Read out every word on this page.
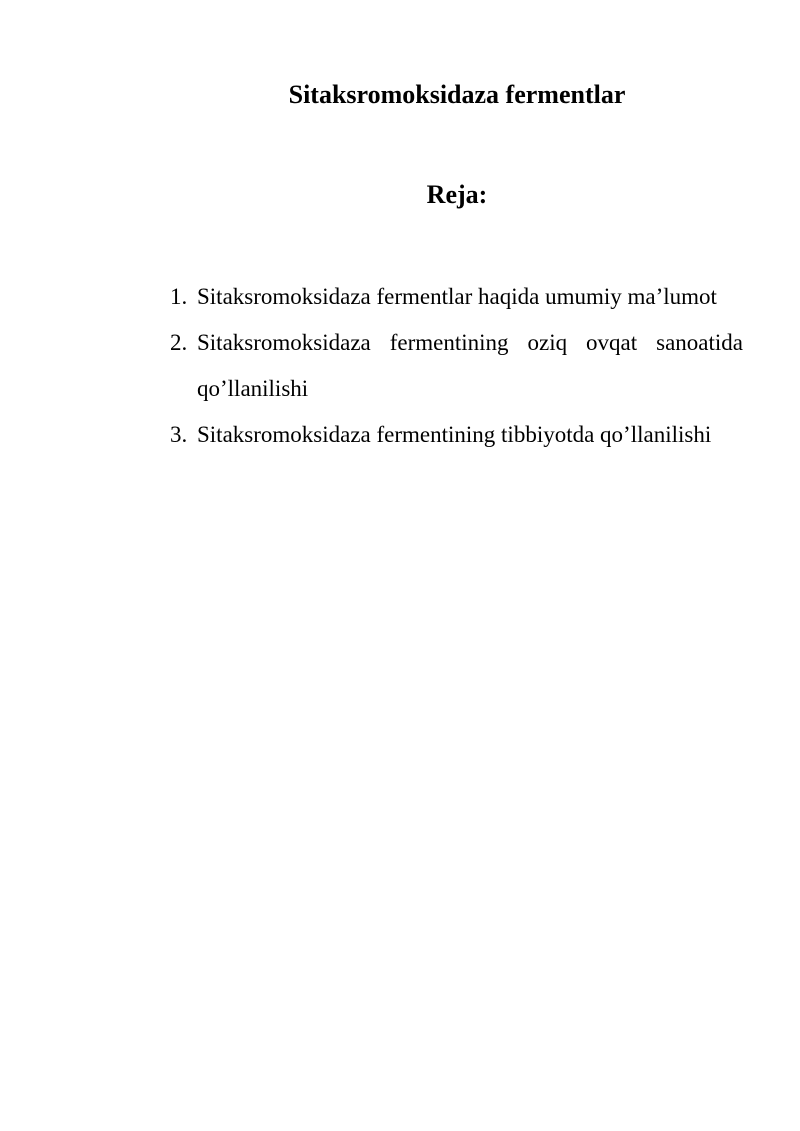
Sitaksromoksidaza fermentlar
Reja:
1. Sitaksromoksidaza fermentlar haqida umumiy ma’lumot
2. Sitaksromoksidaza fermentining oziq ovqat sanoatida qo’llanilishi
3. Sitaksromoksidaza fermentining tibbiyotda qo’llanilishi
